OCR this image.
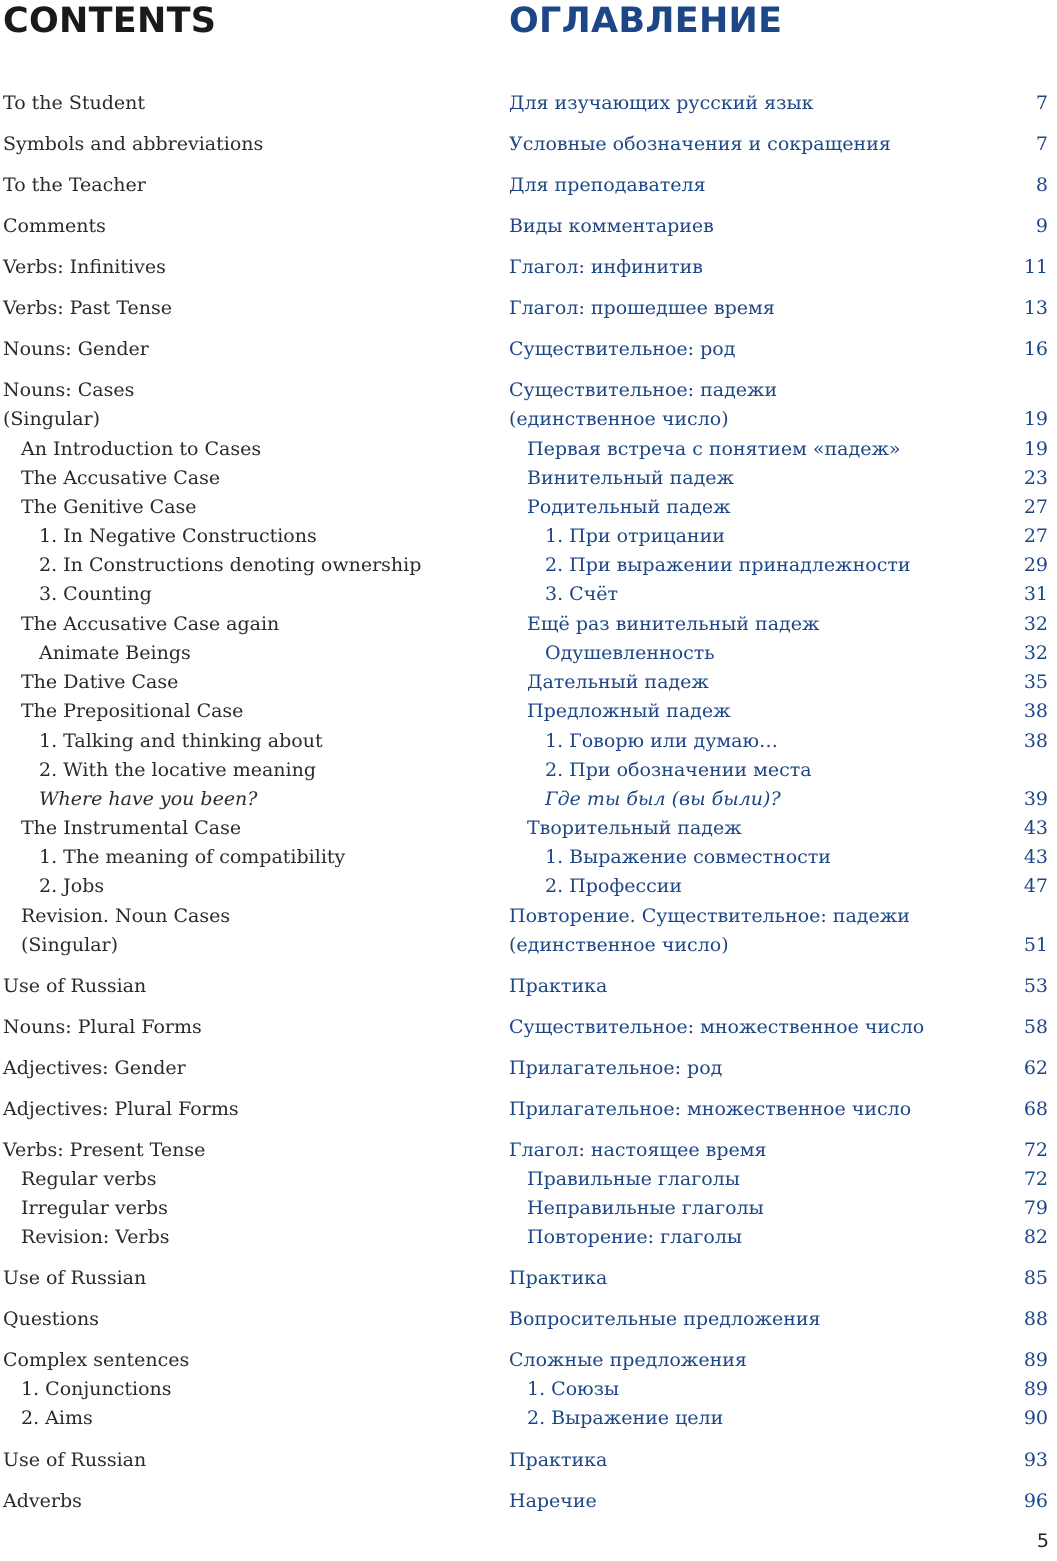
CONTENTS	ОГЛАВЛЕНИЕ
To the Student	Для изучающих русский язык	7
Symbols and abbreviations	Условные обозначения и сокращения	7
To the Teacher	Для преподавателя	8
Comments	Виды комментариев	9
Verbs: Infinitives	Глагол: инфинитив	11
Verbs: Past Tense	Глагол: прошедшее время	13
Nouns: Gender	Существительное: род	16
Nouns: Cases	Существительное: падежи
(Singular)	(единственное число)	19
An Introduction to Cases	Первая встреча с понятием «падеж»	19
The Accusative Case	Винительный падеж	23
The Genitive Case	Родительный падеж	27
1. In Negative Constructions	1. При отрицании	27
2. In Constructions denoting ownership	2. При выражении принадлежности	29
3. Counting	3. Счёт	31
The Accusative Case again	Ещё раз винительный падеж	32
Animate Beings	Одушевленность	32
The Dative Case	Дательный падеж	35
The Prepositional Case	Предложный падеж	38
1. Talking and thinking about	1. Говорю или думаю…	38
2. With the locative meaning	2. При обозначении места
Where have you been?	Где ты был (вы были)?	39
The Instrumental Case	Творительный падеж	43
1. The meaning of compatibility	1. Выражение совместности	43
2. Jobs	2. Профессии	47
Revision. Noun Cases	Повторение. Существительное: падежи
(Singular)	(единственное число)	51
Use of Russian	Практика	53
Nouns: Plural Forms	Существительное: множественное число	58
Adjectives: Gender	Прилагательное: род	62
Adjectives: Plural Forms	Прилагательное: множественное число	68
Verbs: Present Tense	Глагол: настоящее время	72
Regular verbs	Правильные глаголы	72
Irregular verbs	Неправильные глаголы	79
Revision: Verbs	Повторение: глаголы	82
Use of Russian	Практика	85
Questions	Вопросительные предложения	88
Complex sentences	Сложные предложения	89
1. Conjunctions	1. Союзы	89
2. Aims	2. Выражение цели	90
Use of Russian	Практика	93
Adverbs	Наречие	96
5
